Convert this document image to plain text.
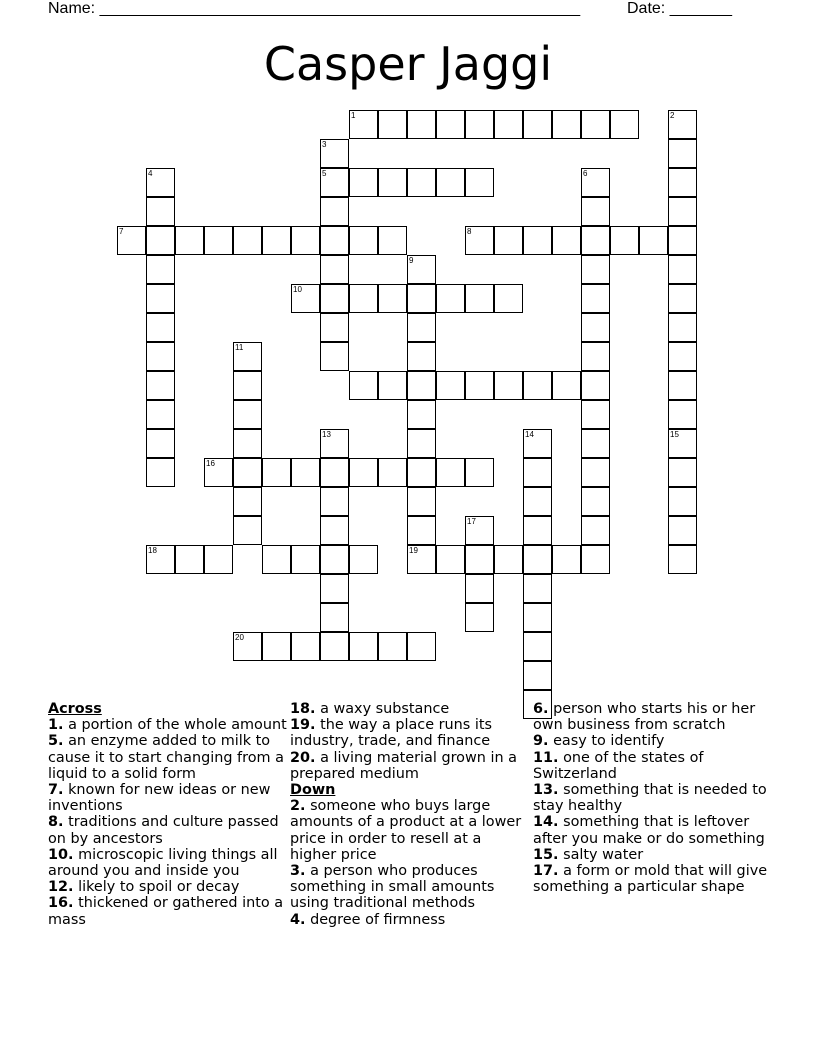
Name: ______________________________________________________	Date: _______
Casper Jaggi
1	2
3
5
4	6
7	8
9
19
10
11
13	14	15
16
17
18
20
Across

1. a portion of the whole amount

5. an enzyme added to milk to cause it to start changing from a liquid to a solid form

7. known for new ideas or new inventions

8. traditions and culture passed on by ancestors

10. microscopic living things all around you and inside you

12. likely to spoil or decay

16. thickened or gathered into a mass

18. a waxy substance

19. the way a place runs its industry, trade, and finance

20. a living material grown in a prepared medium

Down

2. someone who buys large amounts of a product at a lower price in order to resell at a higher price

3. a person who produces something in small amounts using traditional methods

4. degree of firmness

6. person who starts his or her own business from scratch

9. easy to identify

11. one of the states of Switzerland

13. something that is needed to stay healthy

14. something that is leftover after you make or do something

15. salty water

17. a form or mold that will give something a particular shape
